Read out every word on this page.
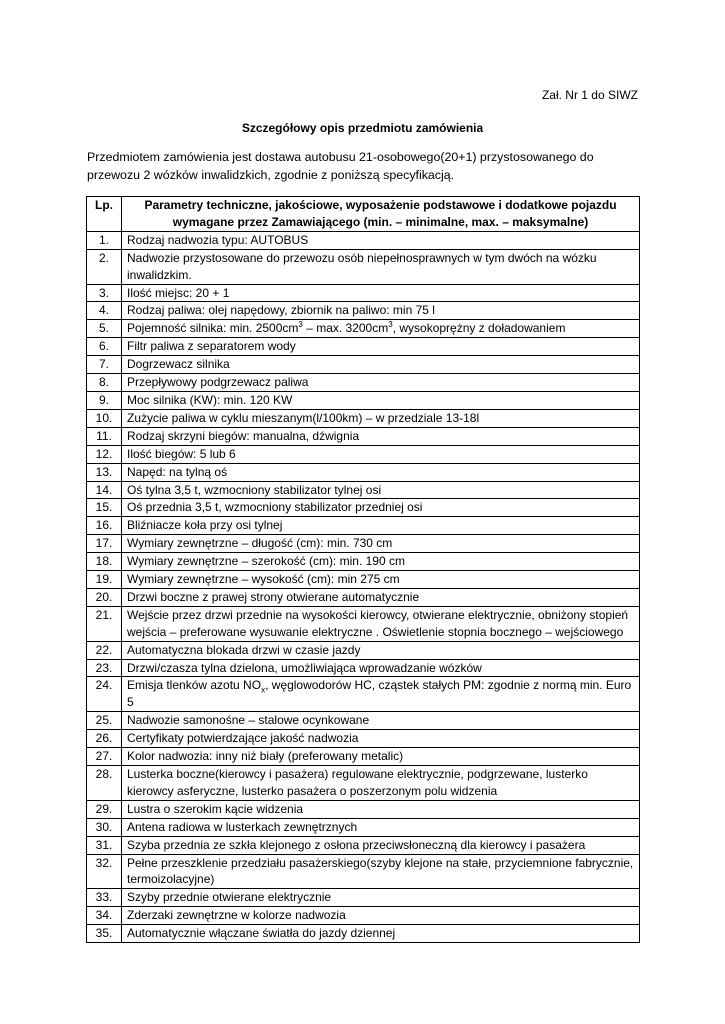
Zał. Nr 1 do SIWZ
Szczegółowy opis przedmiotu zamówienia
Przedmiotem zamówienia jest dostawa autobusu 21-osobowego(20+1) przystosowanego do przewozu 2 wózków inwalidzkich, zgodnie z poniższą specyfikacją.
Lp.	Parametry techniczne, jakościowe, wyposażenie podstawowe i dodatkowe pojazdu wymagane przez Zamawiającego (min. – minimalne, max. – maksymalne)
1.	Rodzaj nadwozia typu: AUTOBUS
2.	Nadwozie przystosowane do przewozu osób niepełnosprawnych w tym dwóch na wózku inwalidzkim.
3.	Ilość miejsc: 20 + 1
4.	Rodzaj paliwa: olej napędowy, zbiornik na paliwo: min 75 l
5.	Pojemność silnika: min. $2500cm^3$ – max. $3200cm^3$, wysokoprężny z doładowaniem
6.	Filtr paliwa z separatorem wody
7.	Dogrzewacz silnika
8.	Przepływowy podgrzewacz paliwa
9.	Moc silnika (KW): min. 120 KW
10.	Zużycie paliwa w cyklu mieszanym(l/100km) – w przedziale 13-18l
11.	Rodzaj skrzyni biegów: manualna, dźwignia
12.	Ilość biegów: 5 lub 6
13.	Napęd: na tylną oś
14.	Oś tylna 3,5 t, wzmocniony stabilizator tylnej osi
15.	Oś przednia 3,5 t, wzmocniony stabilizator przedniej osi
16.	Bliźniacze koła przy osi tylnej
17.	Wymiary zewnętrzne – długość (cm): min. 730 cm
18.	Wymiary zewnętrzne – szerokość (cm): min. 190 cm
19.	Wymiary zewnętrzne – wysokość (cm): min 275 cm
20.	Drzwi boczne z prawej strony otwierane automatycznie
21.	Wejście przez drzwi przednie na wysokości kierowcy, otwierane elektrycznie, obniżony stopień wejścia – preferowane wysuwanie elektryczne . Oświetlenie stopnia bocznego – wejściowego
22.	Automatyczna blokada drzwi w czasie jazdy
23.	Drzwi/czasza tylna dzielona, umożliwiająca wprowadzanie wózków
24.	Emisja tlenków azotu $NO_x$, węglowodorów HC, cząstek stałych PM: zgodnie z normą min. Euro 5
25.	Nadwozie samonośne – stalowe ocynkowane
26.	Certyfikaty potwierdzające jakość nadwozia
27.	Kolor nadwozia: inny niż biały (preferowany metalic)
28.	Lusterka boczne(kierowcy i pasażera) regulowane elektrycznie, podgrzewane, lusterko kierowcy asferyczne, lusterko pasażera o poszerzonym polu widzenia
29.	Lustra o szerokim kącie widzenia
30.	Antena radiowa w lusterkach zewnętrznych
31.	Szyba przednia ze szkła klejonego z osłona przeciwsłoneczną dla kierowcy i pasażera
32.	Pełne przeszklenie przedziału pasażerskiego(szyby klejone na stałe, przyciemnione fabrycznie, termoizolacyjne)
33.	Szyby przednie otwierane elektrycznie
34.	Zderzaki zewnętrzne w kolorze nadwozia
35.	Automatycznie włączane światła do jazdy dziennej
